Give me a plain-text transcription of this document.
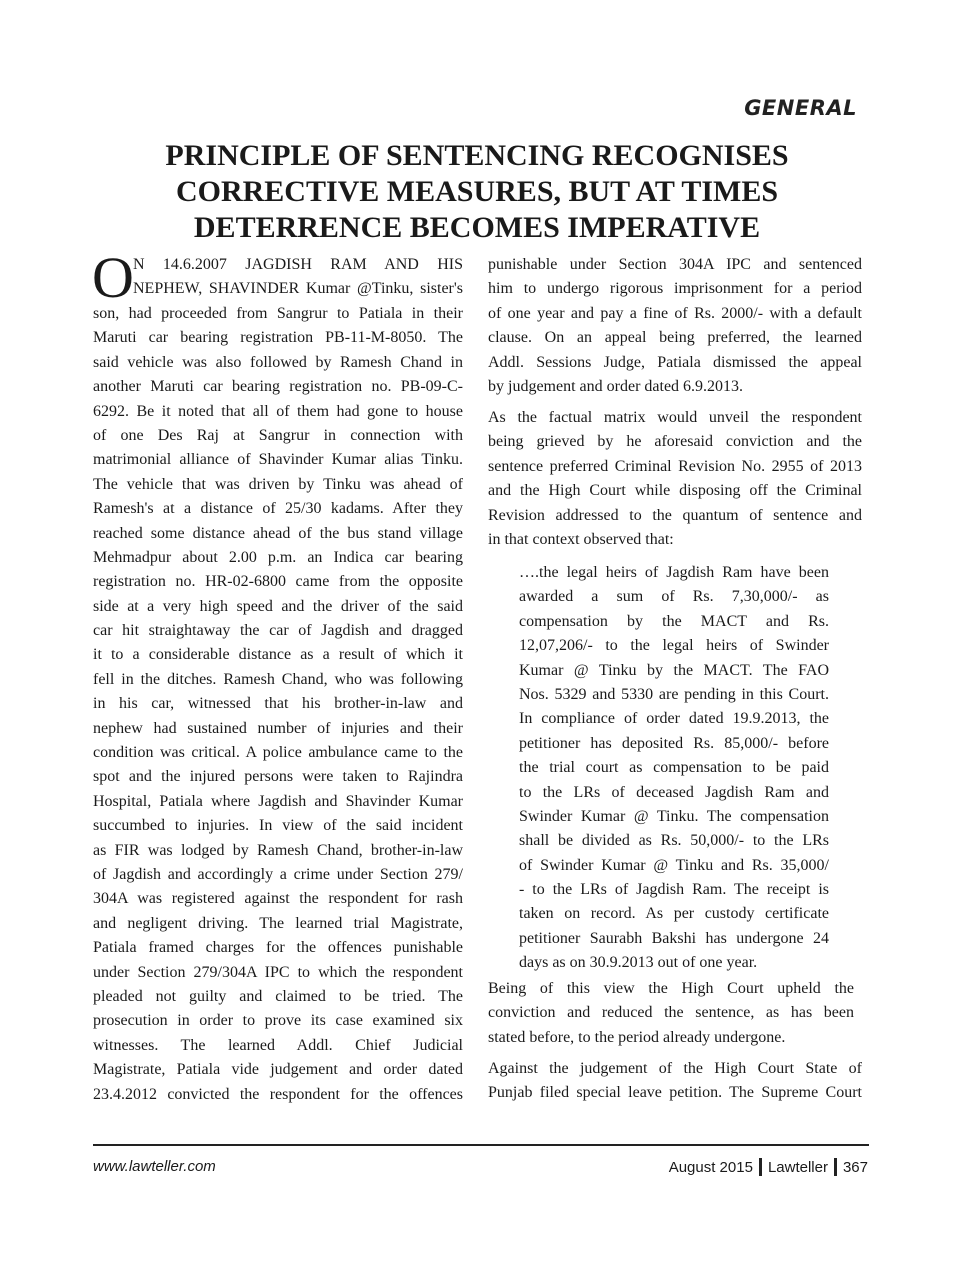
GENERAL
PRINCIPLE OF SENTENCING RECOGNISES
CORRECTIVE MEASURES, BUT AT TIMES
DETERRENCE BECOMES IMPERATIVE
O N 14.6.2007 JAGDISH RAM AND HIS
NEPHEW, SHAVINDER Kumar @Tinku, sister's
son, had proceeded from Sangrur to Patiala in their
Maruti car bearing registration PB-11-M-8050. The
said vehicle was also followed by Ramesh Chand in
another Maruti car bearing registration no. PB-09-C-
6292. Be it noted that all of them had gone to house
of one Des Raj at Sangrur in connection with
matrimonial alliance of Shavinder Kumar alias Tinku.
The vehicle that was driven by Tinku was ahead of
Ramesh's at a distance of 25/30 kadams. After they
reached some distance ahead of the bus stand village
Mehmadpur about 2.00 p.m. an Indica car bearing
registration no. HR-02-6800 came from the opposite
side at a very high speed and the driver of the said
car hit straightaway the car of Jagdish and dragged
it to a considerable distance as a result of which it
fell in the ditches. Ramesh Chand, who was following
in his car, witnessed that his brother-in-law and
nephew had sustained number of injuries and their
condition was critical. A police ambulance came to the
spot and the injured persons were taken to Rajindra
Hospital, Patiala where Jagdish and Shavinder Kumar
succumbed to injuries. In view of the said incident
as FIR was lodged by Ramesh Chand, brother-in-law
of Jagdish and accordingly a crime under Section 279/
304A was registered against the respondent for rash
and negligent driving. The learned trial Magistrate,
Patiala framed charges for the offences punishable
under Section 279/304A IPC to which the respondent
pleaded not guilty and claimed to be tried. The
prosecution in order to prove its case examined six
witnesses. The learned Addl. Chief Judicial
Magistrate, Patiala vide judgement and order dated
23.4.2012 convicted the respondent for the offences
punishable under Section 304A IPC and sentenced
him to undergo rigorous imprisonment for a period
of one year and pay a fine of Rs. 2000/- with a default
clause. On an appeal being preferred, the learned
Addl. Sessions Judge, Patiala dismissed the appeal
by judgement and order dated 6.9.2013.
As the factual matrix would unveil the respondent
being grieved by he aforesaid conviction and the
sentence preferred Criminal Revision No. 2955 of 2013
and the High Court while disposing off the Criminal
Revision addressed to the quantum of sentence and
in that context observed that:
….the legal heirs of Jagdish Ram have been
awarded a sum of Rs. 7,30,000/- as
compensation by the MACT and Rs.
12,07,206/- to the legal heirs of Swinder
Kumar @ Tinku by the MACT. The FAO
Nos. 5329 and 5330 are pending in this Court.
In compliance of order dated 19.9.2013, the
petitioner has deposited Rs. 85,000/- before
the trial court as compensation to be paid
to the LRs of deceased Jagdish Ram and
Swinder Kumar @ Tinku. The compensation
shall be divided as Rs. 50,000/- to the LRs
of Swinder Kumar @ Tinku and Rs. 35,000/
- to the LRs of Jagdish Ram. The receipt is
taken on record. As per custody certificate
petitioner Saurabh Bakshi has undergone 24
days as on 30.9.2013 out of one year.
Being of this view the High Court upheld the
conviction and reduced the sentence, as has been
stated before, to the period already undergone.
Against the judgement of the High Court State of
Punjab filed special leave petition. The Supreme Court
www.lawteller.com	August 2015 Lawteller 367
